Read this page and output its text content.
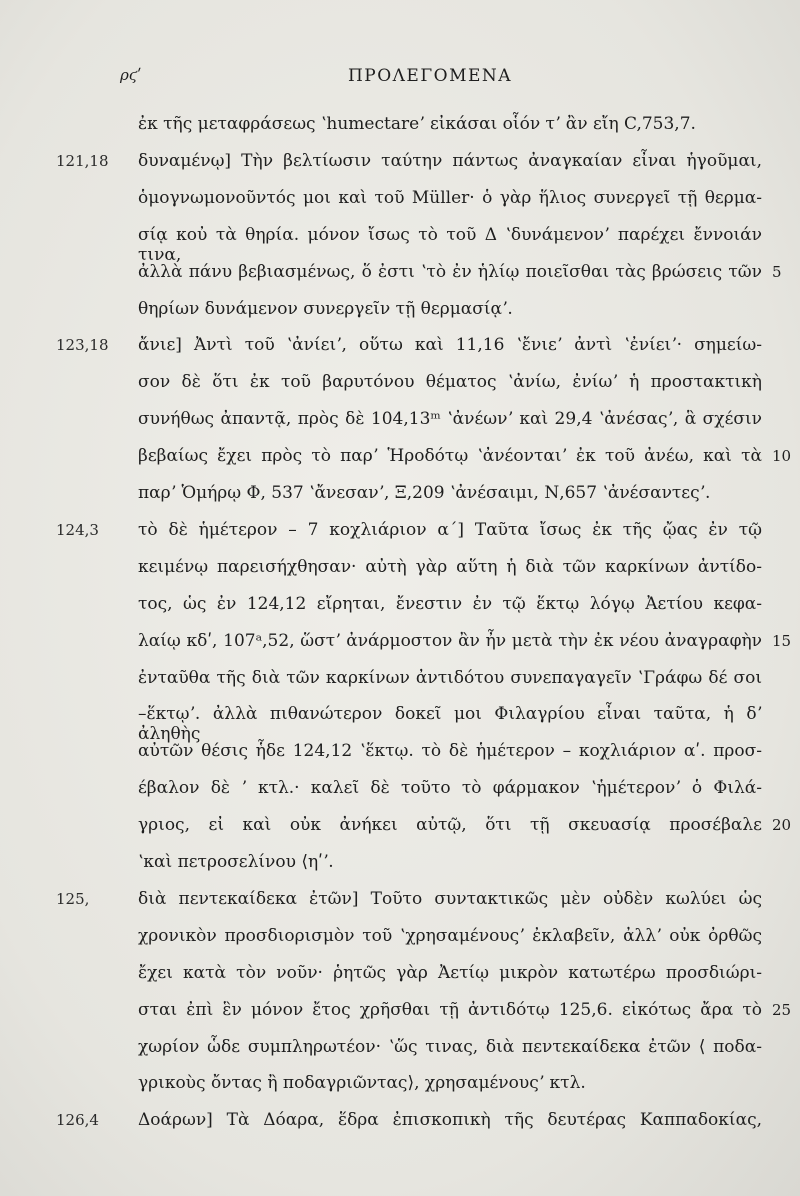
ρϛʹ	ΠΡΟΛΕΓΟΜΕΝΑ
ἐκ τῆς μεταφράσεως ʽhumectareʼ εἰκάσαι οἷόν τʼ ἂν εἴη C,753,7.
δυναμένῳ] Τὴν βελτίωσιν ταύτην πάντως ἀναγκαίαν εἶναι ἡγοῦμαι,
121,18
ὁμογνωμονοῦντός μοι καὶ τοῦ Müller· ὁ γὰρ ἥλιος συνεργεῖ τῇ θερμα-
σίᾳ κοὐ τὰ θηρία. μόνον ἴσως τὸ τοῦ Δ ʽδυνάμενονʼ παρέχει ἔννοιάν τινα,
ἀλλὰ πάνυ βεβιασμένως, ὅ ἐστι ʽτὸ ἐν ἡλίῳ ποιεῖσθαι τὰς βρώσεις τῶν 5
θηρίων δυνάμενον συνεργεῖν τῇ θερμασίᾳʼ.
ἄνιε] Ἀντὶ τοῦ ʽἀνίειʼ, οὕτω καὶ 11,16 ʽἔνιεʼ ἀντὶ ʽἐνίειʼ· σημείω-
123,18
σον δὲ ὅτι ἐκ τοῦ βαρυτόνου θέματος ʽἀνίω, ἐνίωʼ ἡ προστακτικὴ
συνήθως ἀπαντᾷ, πρὸς δὲ 104,13ᵐ ʽἀνέωνʼ καὶ 29,4 ʽἀνέσαςʼ, ἃ σχέσιν
βεβαίως ἔχει πρὸς τὸ παρʼ Ἡροδότῳ ʽἀνέονταιʼ ἐκ τοῦ ἀνέω, καὶ τὰ 10
παρʼ Ὁμήρῳ Φ, 537 ʽἄνεσανʼ, Ξ,209 ʽἀνέσαιμι, Ν,657 ʽἀνέσαντεςʼ.
τὸ δὲ ἡμέτερον – 7 κοχλιάριον α΄] Ταῦτα ἴσως ἐκ τῆς ᾤας ἐν τῷ
124,3
κειμένῳ παρεισήχθησαν· αὐτὴ γὰρ αὕτη ἡ διὰ τῶν καρκίνων ἀντίδο-
τος, ὡς ἐν 124,12 εἴρηται, ἔνεστιν ἐν τῷ ἕκτῳ λόγῳ Ἀετίου κεφα-
λαίῳ κδʹ, 107ᵃ,52, ὥστʼ ἀνάρμοστον ἂν ἦν μετὰ τὴν ἐκ νέου ἀναγραφὴν 15
ἐνταῦθα τῆς διὰ τῶν καρκίνων ἀντιδότου συνεπαγαγεῖν ʽΓράφω δέ σοι
–ἕκτῳʼ. ἀλλὰ πιθανώτερον δοκεῖ μοι Φιλαγρίου εἶναι ταῦτα, ἡ δʼ ἀληθὴς
αὐτῶν θέσις ἧδε 124,12 ʽἕκτῳ. τὸ δὲ ἡμέτερον – κοχλιάριον αʹ. προσ-
έβαλον δὲ ʼ κτλ.· καλεῖ δὲ τοῦτο τὸ φάρμακον ʽἡμέτερονʼ ὁ Φιλά-
γριος, εἰ καὶ οὐκ ἀνήκει αὐτῷ, ὅτι τῇ σκευασίᾳ προσέβαλε 20
ʽκαὶ πετροσελίνου ⟨ηʹʼ.
διὰ πεντεκαίδεκα ἐτῶν] Τοῦτο συντακτικῶς μὲν οὐδὲν κωλύει ὡς
125,
χρονικὸν προσδιορισμὸν τοῦ ʽχρησαμένουςʼ ἐκλαβεῖν, ἀλλʼ οὐκ ὀρθῶς
ἔχει κατὰ τὸν νοῦν· ῥητῶς γὰρ Ἀετίῳ μικρὸν κατωτέρω προσδιώρι-
σται ἐπὶ ἓν μόνον ἔτος χρῆσθαι τῇ ἀντιδότῳ 125,6. εἰκότως ἄρα τὸ 25
χωρίον ὧδε συμπληρωτέον· ʽὥς τινας, διὰ πεντεκαίδεκα ἐτῶν ⟨ ποδα-
γρικοὺς ὄντας ἢ ποδαγριῶντας⟩, χρησαμένουςʼ κτλ.
Δοάρων] Τὰ Δόαρα, ἕδρα ἐπισκοπικὴ τῆς δευτέρας Καππαδοκίας,
126,4
